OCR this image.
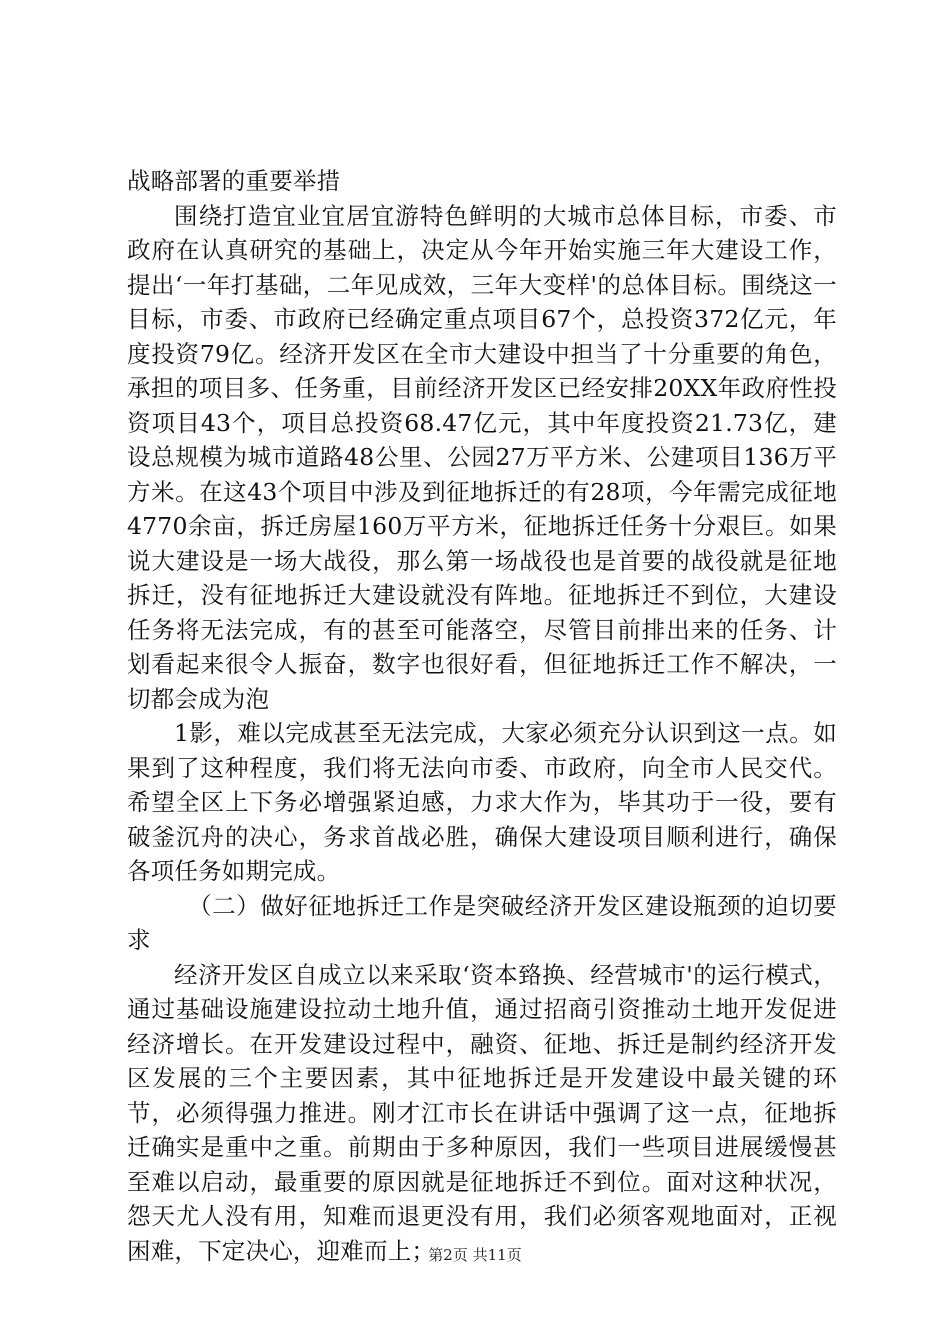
战略部署的重要举措

围绕打造宜业宜居宜游特色鲜明的大城市总体目标，市委、市政府在认真研究的基础上，决定从今年开始实施三年大建设工作，提出‘一年打基础，二年见成效，三年大变样'的总体目标。围绕这一目标，市委、市政府已经确定重点项目67个，总投资372亿元，年度投资79亿。经济开发区在全市大建设中担当了十分重要的角色，承担的项目多、任务重，目前经济开发区已经安排20XX年政府性投资项目43个，项目总投资68.47亿元，其中年度投资21.73亿，建设总规模为城市道路48公里、公园27万平方米、公建项目136万平方米。在这43个项目中涉及到征地拆迁的有28项，今年需完成征地4770余亩，拆迁房屋160万平方米，征地拆迁任务十分艰巨。如果说大建设是一场大战役，那么第一场战役也是首要的战役就是征地拆迁，没有征地拆迁大建设就没有阵地。征地拆迁不到位，大建设任务将无法完成，有的甚至可能落空，尽管目前排出来的任务、计划看起来很令人振奋，数字也很好看，但征地拆迁工作不解决，一切都会成为泡

1影，难以完成甚至无法完成，大家必须充分认识到这一点。如果到了这种程度，我们将无法向市委、市政府，向全市人民交代。希望全区上下务必增强紧迫感，力求大作为，毕其功于一役，要有破釜沉舟的决心，务求首战必胜，确保大建设项目顺利进行，确保各项任务如期完成。

（二）做好征地拆迁工作是突破经济开发区建设瓶颈的迫切要求

经济开发区自成立以来采取‘资本臵换、经营城市'的运行模式，通过基础设施建设拉动土地升值，通过招商引资推动土地开发促进经济增长。在开发建设过程中，融资、征地、拆迁是制约经济开发区发展的三个主要因素，其中征地拆迁是开发建设中最关键的环节，必须得强力推进。刚才江市长在讲话中强调了这一点，征地拆迁确实是重中之重。前期由于多种原因，我们一些项目进展缓慢甚至难以启动，最重要的原因就是征地拆迁不到位。面对这种状况，怨天尤人没有用，知难而退更没有用，我们必须客观地面对，正视困难，下定决心，迎难而上；

第2页 共11页
